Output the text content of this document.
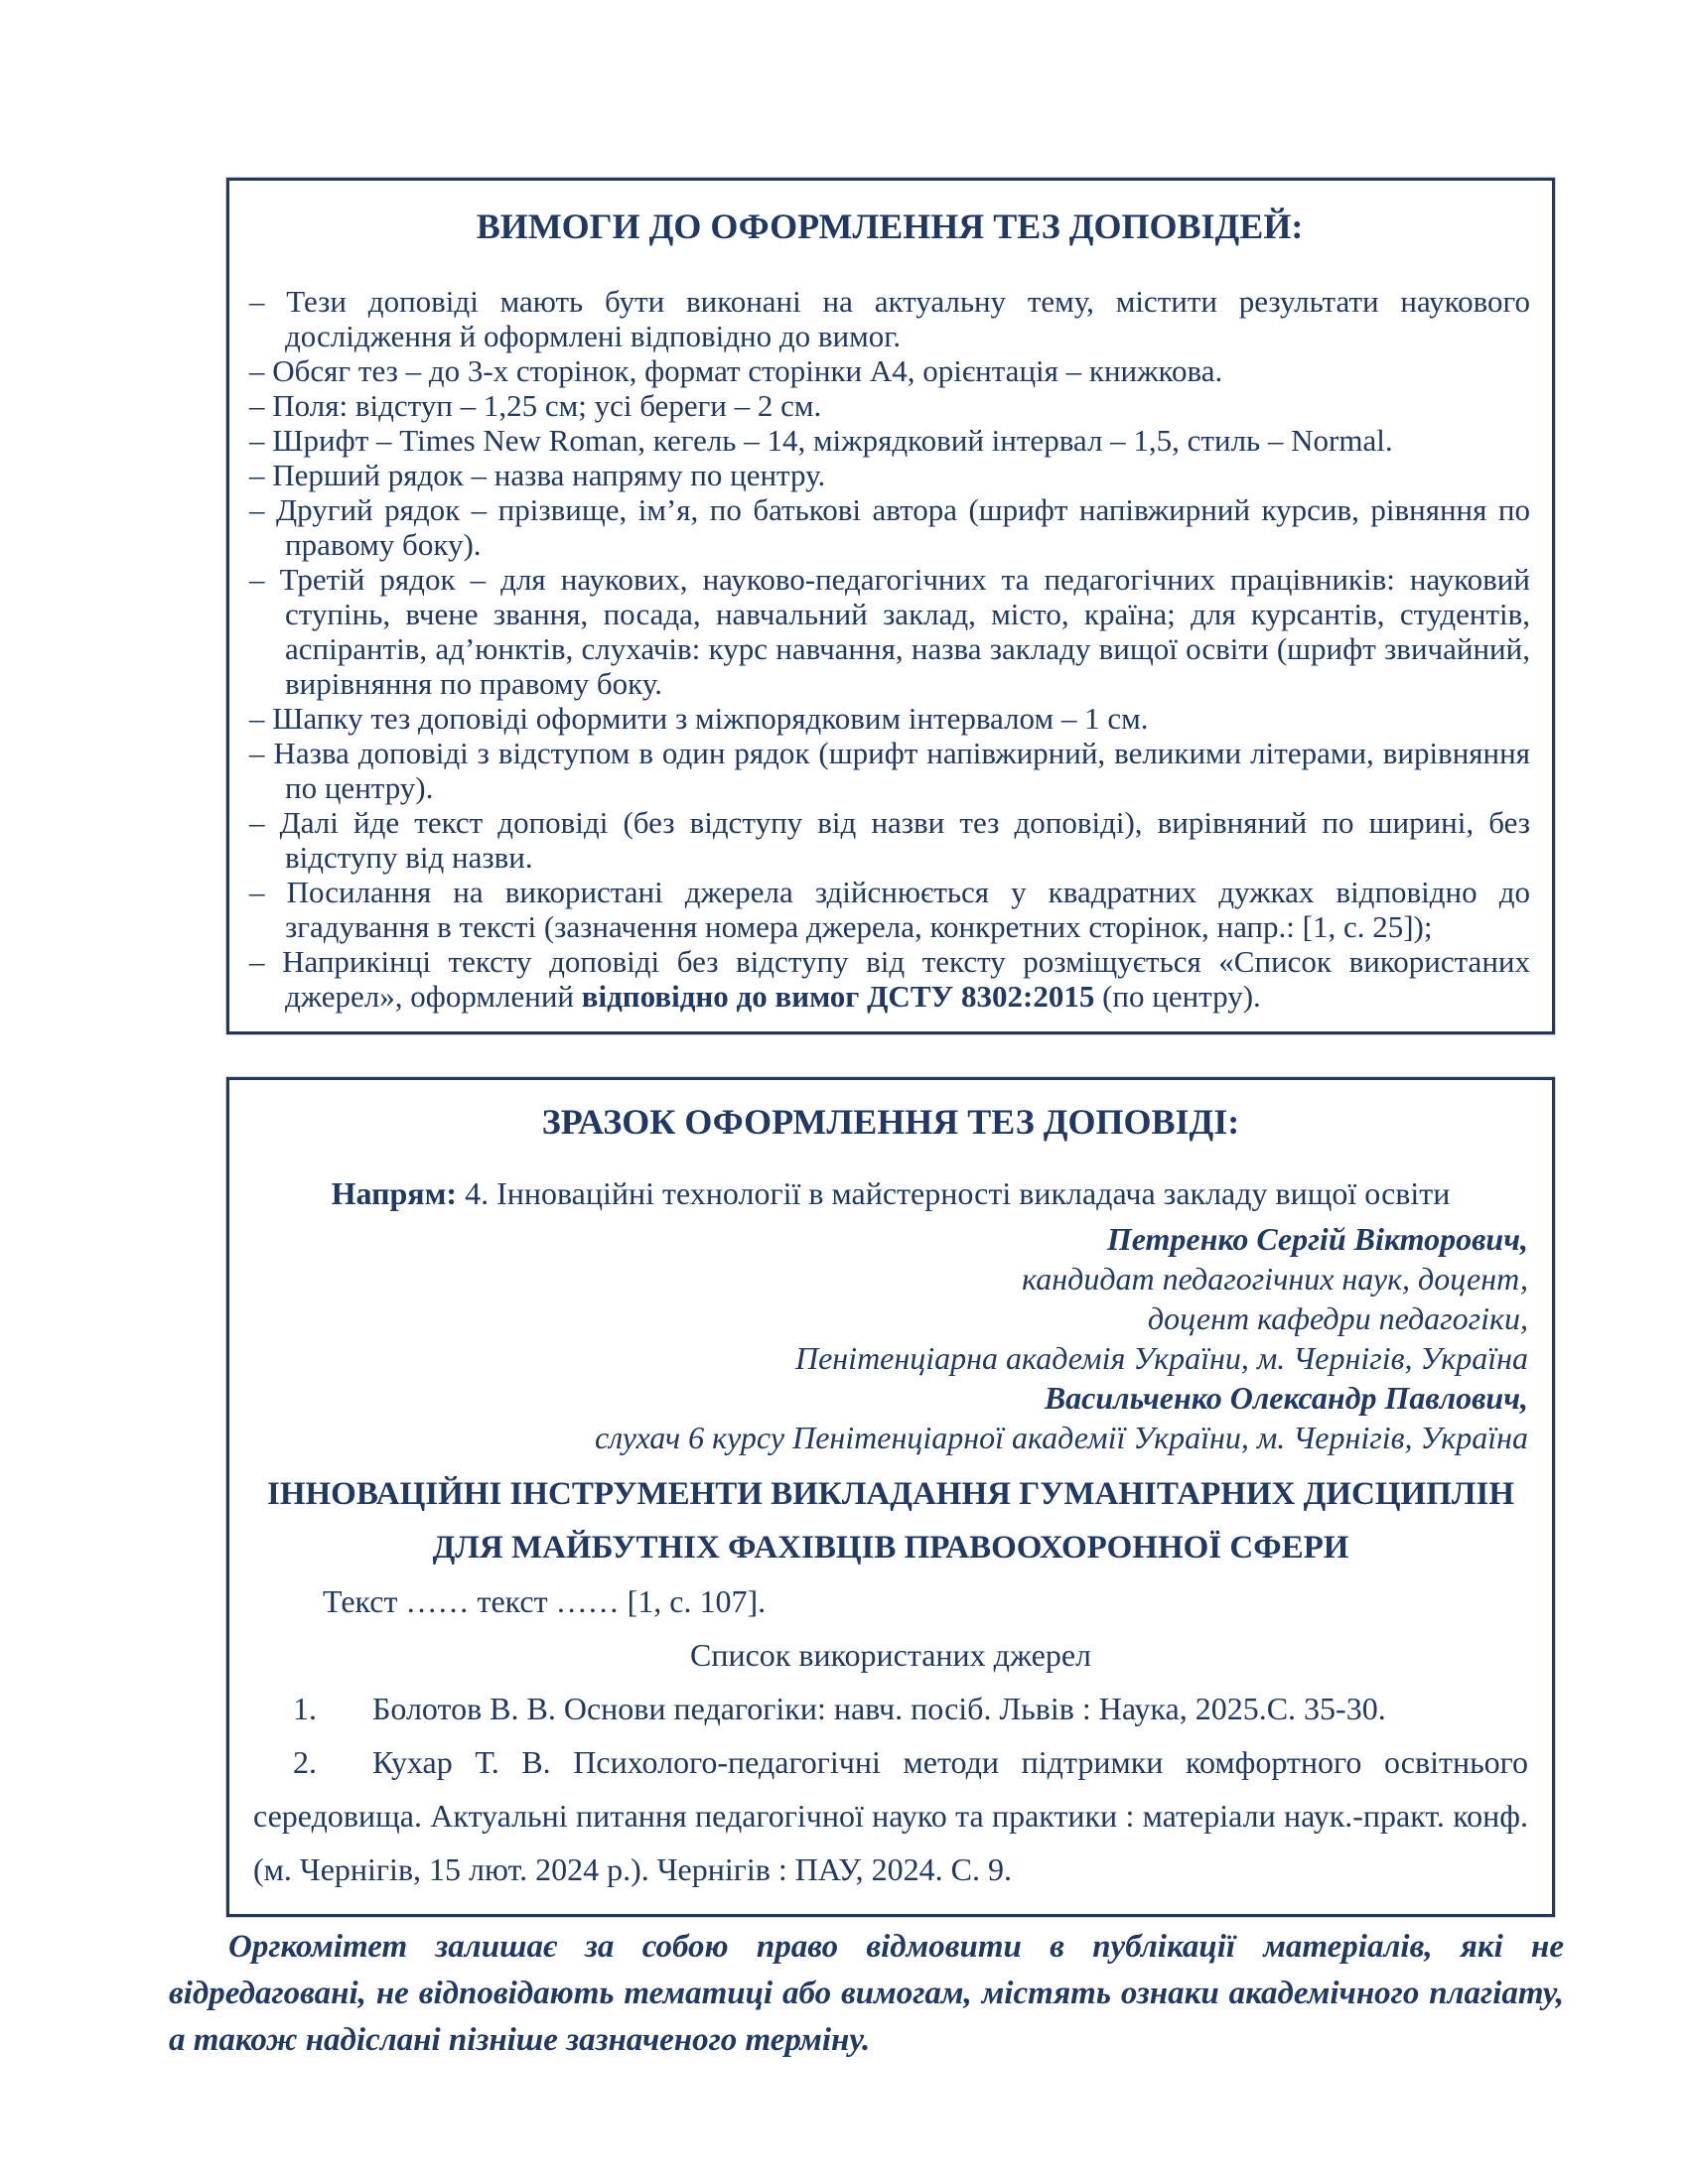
ВИМОГИ ДО ОФОРМЛЕННЯ ТЕЗ ДОПОВІДЕЙ:

– Тези доповіді мають бути виконані на актуальну тему, містити результати наукового дослідження й оформлені відповідно до вимог.

– Обсяг тез – до 3-х сторінок, формат сторінки А4, орієнтація – книжкова.

– Поля: відступ – 1,25 см; усі береги – 2 см.

– Шрифт – Times New Roman, кегель – 14, міжрядковий інтервал – 1,5, стиль – Normal.

– Перший рядок – назва напряму по центру.

– Другий рядок – прізвище, ім’я, по батькові автора (шрифт напівжирний курсив, рівняння по правому боку).

– Третій рядок – для наукових, науково-педагогічних та педагогічних працівників: науковий ступінь, вчене звання, посада, навчальний заклад, місто, країна; для курсантів, студентів, аспірантів, ад’юнктів, слухачів: курс навчання, назва закладу вищої освіти (шрифт звичайний, вирівняння по правому боку.

– Шапку тез доповіді оформити з міжпорядковим інтервалом – 1 см.

– Назва доповіді з відступом в один рядок (шрифт напівжирний, великими літерами, вирівняння по центру).

– Далі йде текст доповіді (без відступу від назви тез доповіді), вирівняний по ширині, без відступу від назви.

– Посилання на використані джерела здійснюється у квадратних дужках відповідно до згадування в тексті (зазначення номера джерела, конкретних сторінок, напр.: [1, с. 25]);

– Наприкінці тексту доповіді без відступу від тексту розміщується «Список використаних джерел», оформлений відповідно до вимог ДСТУ 8302:2015 (по центру).

ЗРАЗОК ОФОРМЛЕННЯ ТЕЗ ДОПОВІДІ:

Напрям: 4. Інноваційні технології в майстерності викладача закладу вищої освіти

Петренко Сергій Вікторович,

кандидат педагогічних наук, доцент,

доцент кафедри педагогіки,

Пенітенціарна академія України, м. Чернігів, Україна

Васильченко Олександр Павлович,

слухач 6 курсу Пенітенціарної академії України, м. Чернігів, Україна

ІННОВАЦІЙНІ ІНСТРУМЕНТИ ВИКЛАДАННЯ ГУМАНІТАРНИХ ДИСЦИПЛІН

ДЛЯ МАЙБУТНІХ ФАХІВЦІВ ПРАВООХОРОННОЇ СФЕРИ

Текст …… текст …… [1, с. 107].

Список використаних джерел

1. Болотов В. В. Основи педагогіки: навч. посіб. Львів : Наука, 2025.С. 35-30.

2. Кухар Т. В. Психолого-педагогічні методи підтримки комфортного освітнього середовища. Актуальні питання педагогічної науко та практики : матеріали наук.-практ. конф. (м. Чернігів, 15 лют. 2024 р.). Чернігів : ПАУ, 2024. С. 9.

Оргкомітет залишає за собою право відмовити в публікації матеріалів, які не відредаговані, не відповідають тематиці або вимогам, містять ознаки академічного плагіату, а також надіслані пізніше зазначеного терміну.
